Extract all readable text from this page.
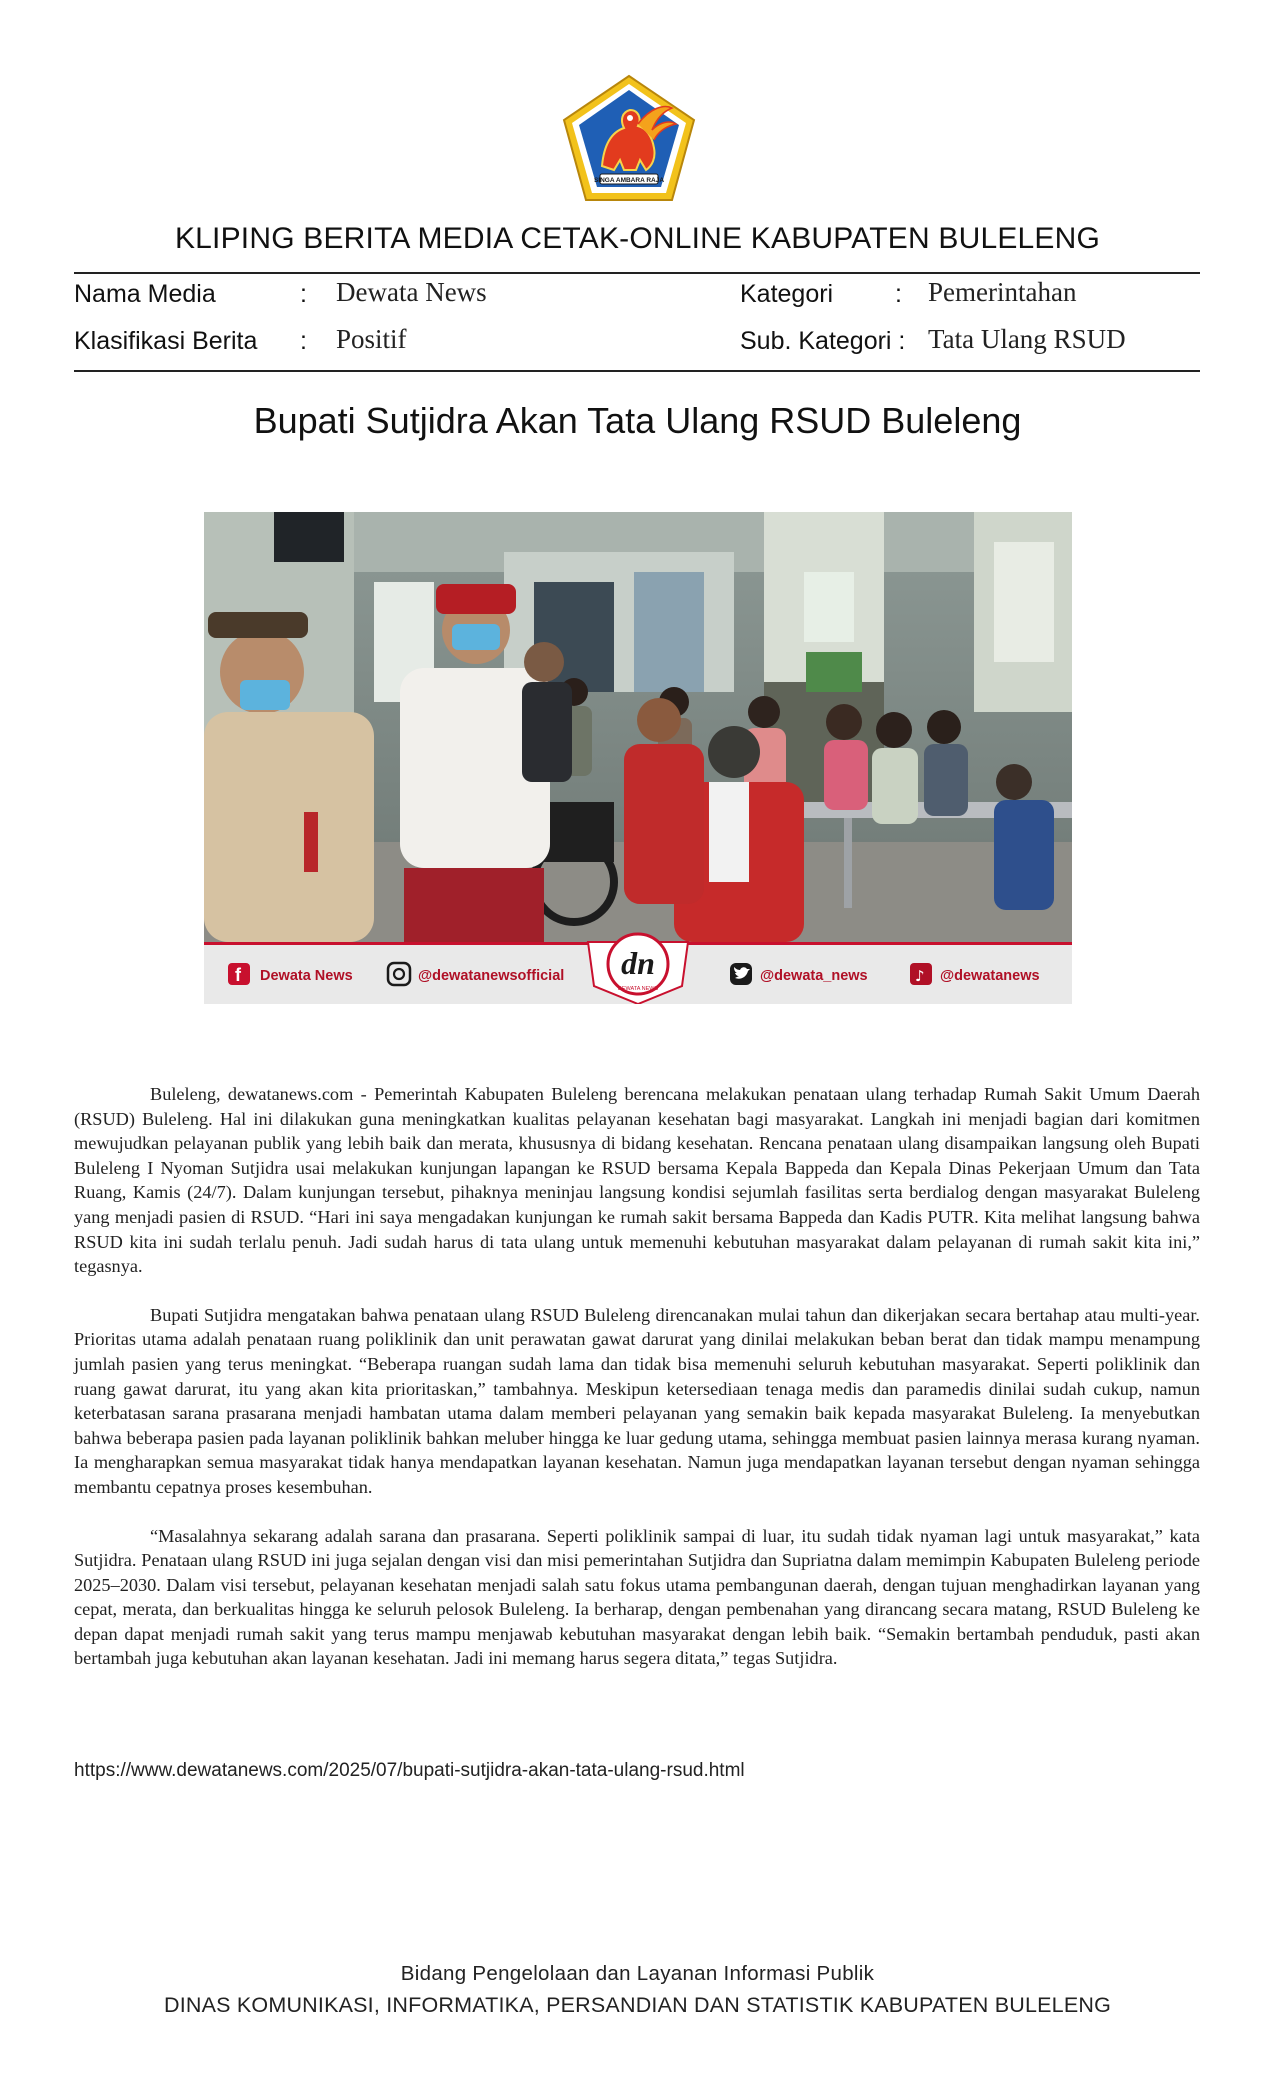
SINGA AMBARA RAJA
KLIPING BERITA MEDIA CETAK-ONLINE KABUPATEN BULELENG
Nama Media	: Dewata News	Kategori : Pemerintahan
Klasifikasi Berita : Positif	Sub. Kategori : Tata Ulang RSUD
Bupati Sutjidra Akan Tata Ulang RSUD Buleleng
f Dewata News	@dewatanewsofficial dn
DEWATA NEWS
@dewata_news	♪ @dewatanews

Buleleng, dewatanews.com - Pemerintah Kabupaten Buleleng berencana melakukan penataan ulang terhadap Rumah Sakit Umum Daerah (RSUD) Buleleng. Hal ini dilakukan guna meningkatkan kualitas pelayanan kesehatan bagi masyarakat. Langkah ini menjadi bagian dari komitmen mewujudkan pelayanan publik yang lebih baik dan merata, khususnya di bidang kesehatan. Rencana penataan ulang disampaikan langsung oleh Bupati Buleleng I Nyoman Sutjidra usai melakukan kunjungan lapangan ke RSUD bersama Kepala Bappeda dan Kepala Dinas Pekerjaan Umum dan Tata Ruang, Kamis (24/7). Dalam kunjungan tersebut, pihaknya meninjau langsung kondisi sejumlah fasilitas serta berdialog dengan masyarakat Buleleng yang menjadi pasien di RSUD. “Hari ini saya mengadakan kunjungan ke rumah sakit bersama Bappeda dan Kadis PUTR. Kita melihat langsung bahwa RSUD kita ini sudah terlalu penuh. Jadi sudah harus di tata ulang untuk memenuhi kebutuhan masyarakat dalam pelayanan di rumah sakit kita ini,” tegasnya.

Bupati Sutjidra mengatakan bahwa penataan ulang RSUD Buleleng direncanakan mulai tahun dan dikerjakan secara bertahap atau multi-year. Prioritas utama adalah penataan ruang poliklinik dan unit perawatan gawat darurat yang dinilai melakukan beban berat dan tidak mampu menampung jumlah pasien yang terus meningkat. “Beberapa ruangan sudah lama dan tidak bisa memenuhi seluruh kebutuhan masyarakat. Seperti poliklinik dan ruang gawat darurat, itu yang akan kita prioritaskan,” tambahnya. Meskipun ketersediaan tenaga medis dan paramedis dinilai sudah cukup, namun keterbatasan sarana prasarana menjadi hambatan utama dalam memberi pelayanan yang semakin baik kepada masyarakat Buleleng. Ia menyebutkan bahwa beberapa pasien pada layanan poliklinik bahkan meluber hingga ke luar gedung utama, sehingga membuat pasien lainnya merasa kurang nyaman. Ia mengharapkan semua masyarakat tidak hanya mendapatkan layanan kesehatan. Namun juga mendapatkan layanan tersebut dengan nyaman sehingga membantu cepatnya proses kesembuhan.

“Masalahnya sekarang adalah sarana dan prasarana. Seperti poliklinik sampai di luar, itu sudah tidak nyaman lagi untuk masyarakat,” kata Sutjidra. Penataan ulang RSUD ini juga sejalan dengan visi dan misi pemerintahan Sutjidra dan Supriatna dalam memimpin Kabupaten Buleleng periode 2025–2030. Dalam visi tersebut, pelayanan kesehatan menjadi salah satu fokus utama pembangunan daerah, dengan tujuan menghadirkan layanan yang cepat, merata, dan berkualitas hingga ke seluruh pelosok Buleleng. Ia berharap, dengan pembenahan yang dirancang secara matang, RSUD Buleleng ke depan dapat menjadi rumah sakit yang terus mampu menjawab kebutuhan masyarakat dengan lebih baik. “Semakin bertambah penduduk, pasti akan bertambah juga kebutuhan akan layanan kesehatan. Jadi ini memang harus segera ditata,” tegas Sutjidra.

https://www.dewatanews.com/2025/07/bupati-sutjidra-akan-tata-ulang-rsud.html
Bidang Pengelolaan dan Layanan Informasi Publik
DINAS KOMUNIKASI, INFORMATIKA, PERSANDIAN DAN STATISTIK KABUPATEN BULELENG
